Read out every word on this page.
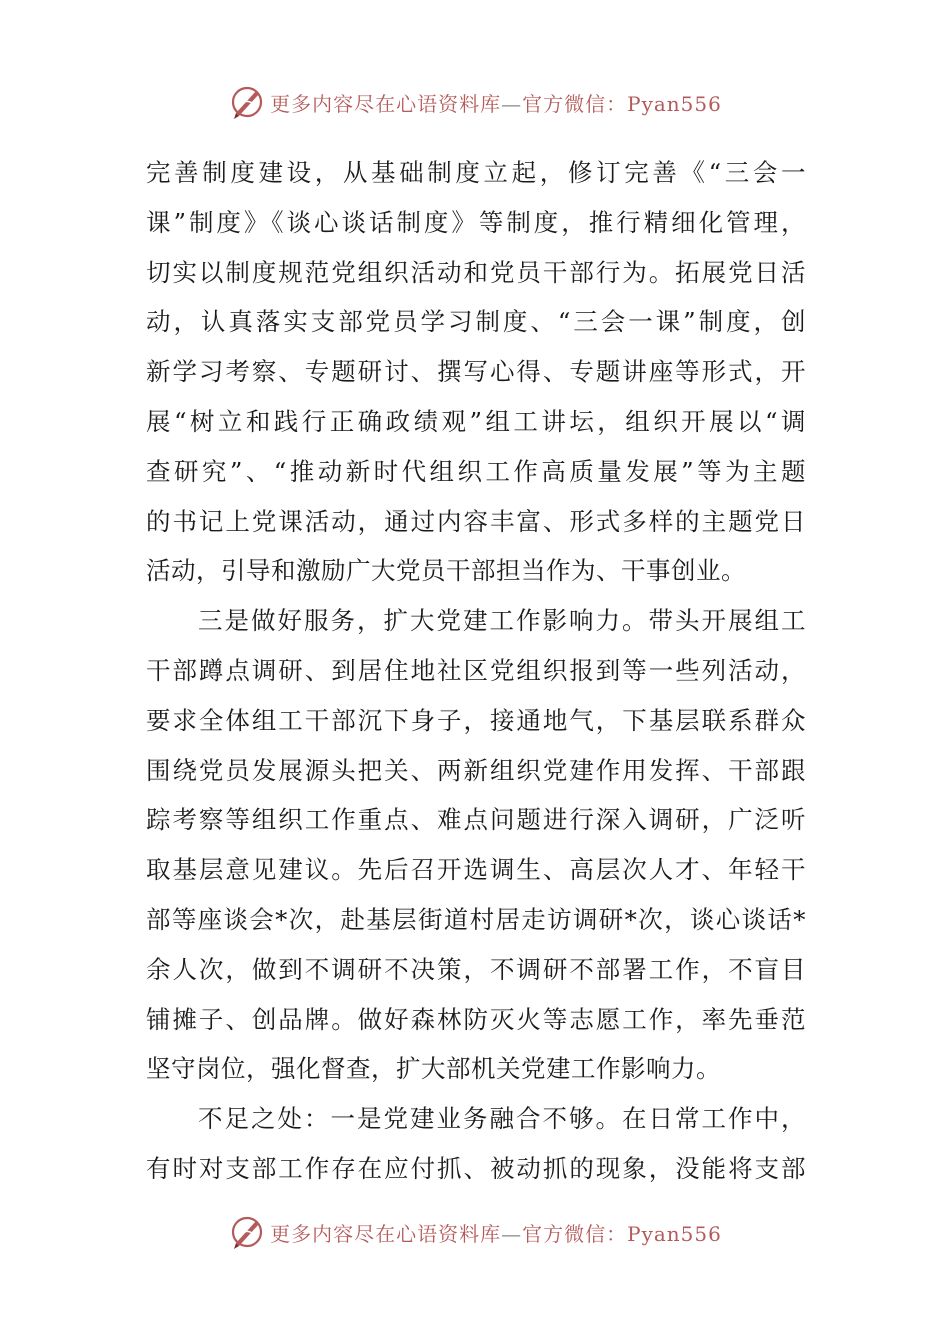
更多内容尽在心语资料库—官方微信：Pyan556
完善制度建设，从基础制度立起，修订完善《“三会一
课”制度》《谈心谈话制度》等制度，推行精细化管理，
切实以制度规范党组织活动和党员干部行为。拓展党日活
动，认真落实支部党员学习制度、“三会一课”制度，创
新学习考察、专题研讨、撰写心得、专题讲座等形式，开
展“树立和践行正确政绩观”组工讲坛，组织开展以“调
查研究”、“推动新时代组织工作高质量发展”等为主题
的书记上党课活动，通过内容丰富、形式多样的主题党日
活动，引导和激励广大党员干部担当作为、干事创业。
三是做好服务，扩大党建工作影响力。带头开展组工
干部蹲点调研、到居住地社区党组织报到等一些列活动，
要求全体组工干部沉下身子，接通地气，下基层联系群众
围绕党员发展源头把关、两新组织党建作用发挥、干部跟
踪考察等组织工作重点、难点问题进行深入调研，广泛听
取基层意见建议。先后召开选调生、高层次人才、年轻干
部等座谈会*次，赴基层街道村居走访调研*次，谈心谈话*
余人次，做到不调研不决策，不调研不部署工作，不盲目
铺摊子、创品牌。做好森林防灭火等志愿工作，率先垂范
坚守岗位，强化督查，扩大部机关党建工作影响力。
不足之处：一是党建业务融合不够。在日常工作中，
有时对支部工作存在应付抓、被动抓的现象，没能将支部
更多内容尽在心语资料库—官方微信：Pyan556
